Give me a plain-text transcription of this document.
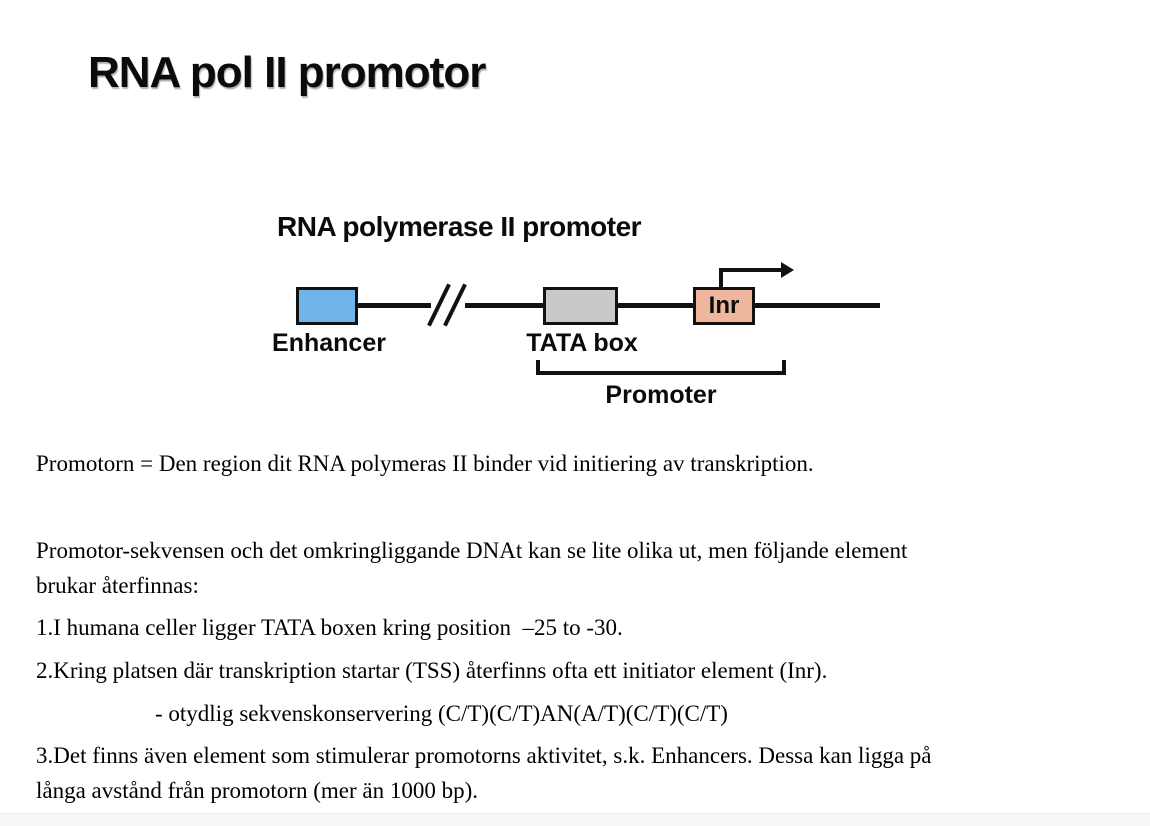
RNA pol II promotor
RNA polymerase II promoter
Inr
Enhancer	TATA box
Promoter

Promotorn = Den region dit RNA polymeras II binder vid initiering av transkription.

Promotor-sekvensen och det omkringliggande DNAt kan se lite olika ut, men följande element

brukar återfinnas:

1.I humana celler ligger TATA boxen kring position  –25 to -30.

2.Kring platsen där transkription startar (TSS) återfinns ofta ett initiator element (Inr).

- otydlig sekvenskonservering (C/T)(C/T)AN(A/T)(C/T)(C/T)

3.Det finns även element som stimulerar promotorns aktivitet, s.k. Enhancers. Dessa kan ligga på

långa avstånd från promotorn (mer än 1000 bp).
